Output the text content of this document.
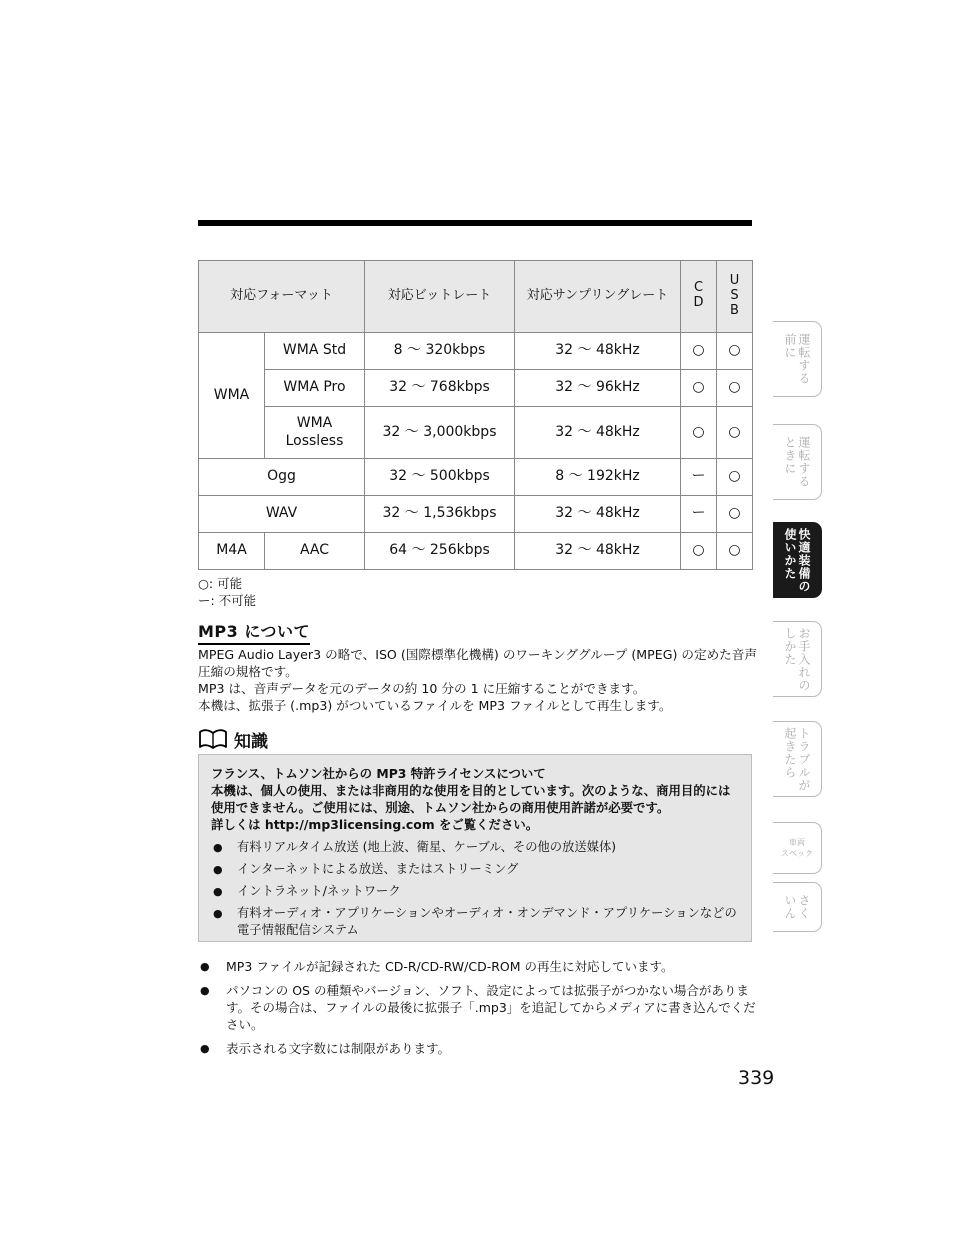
対応フォーマット		対応ビットレート	対応サンプリングレート	CD	USB
WMA	WMA Std	8 ～ 320kbps	32 ～ 48kHz	○	○
	WMA Pro	32 ～ 768kbps	32 ～ 96kHz	○	○
	WMA Lossless	32 ～ 3,000kbps	32 ～ 48kHz	○	○
Ogg		32 ～ 500kbps	8 ～ 192kHz	ー	○
WAV		32 ～ 1,536kbps	32 ～ 48kHz	ー	○
M4A	AAC	64 ～ 256kbps	32 ～ 48kHz	○	○
○: 可能
ー: 不可能
MP3 について

MPEG Audio Layer3 の略で、ISO (国際標準化機構) のワーキンググループ (MPEG) の定めた音声圧縮の規格です。

MP3 は、音声データを元のデータの約 10 分の 1 に圧縮することができます。

本機は、拡張子 (.mp3) がついているファイルを MP3 ファイルとして再生します。

知識

フランス、トムソン社からの MP3 特許ライセンスについて

本機は、個人の使用、または非商用的な使用を目的としています。次のような、商用目的には使用できません。ご使用には、別途、トムソン社からの商用使用許諾が必要です。

詳しくは http://mp3licensing.com をご覧ください。

● 有料リアルタイム放送 (地上波、衛星、ケーブル、その他の放送媒体)
● インターネットによる放送、またはストリーミング
● イントラネット/ネットワーク
● 有料オーディオ・アプリケーションやオーディオ・オンデマンド・アプリケーションなどの電子情報配信システム
● MP3 ファイルが記録された CD-R/CD-RW/CD-ROM の再生に対応しています。
● パソコンの OS の種類やバージョン、ソフト、設定によっては拡張子がつかない場合があります。その場合は、ファイルの最後に拡張子「.mp3」を追記してからメディアに書き込んでください。
● 表示される文字数には制限があります。
339
運転する
前に
運転する
ときに
快適装備の
使いかた
お手入れの
しかた
トラブルが
起きたら
車両
スペック
さく
いん
